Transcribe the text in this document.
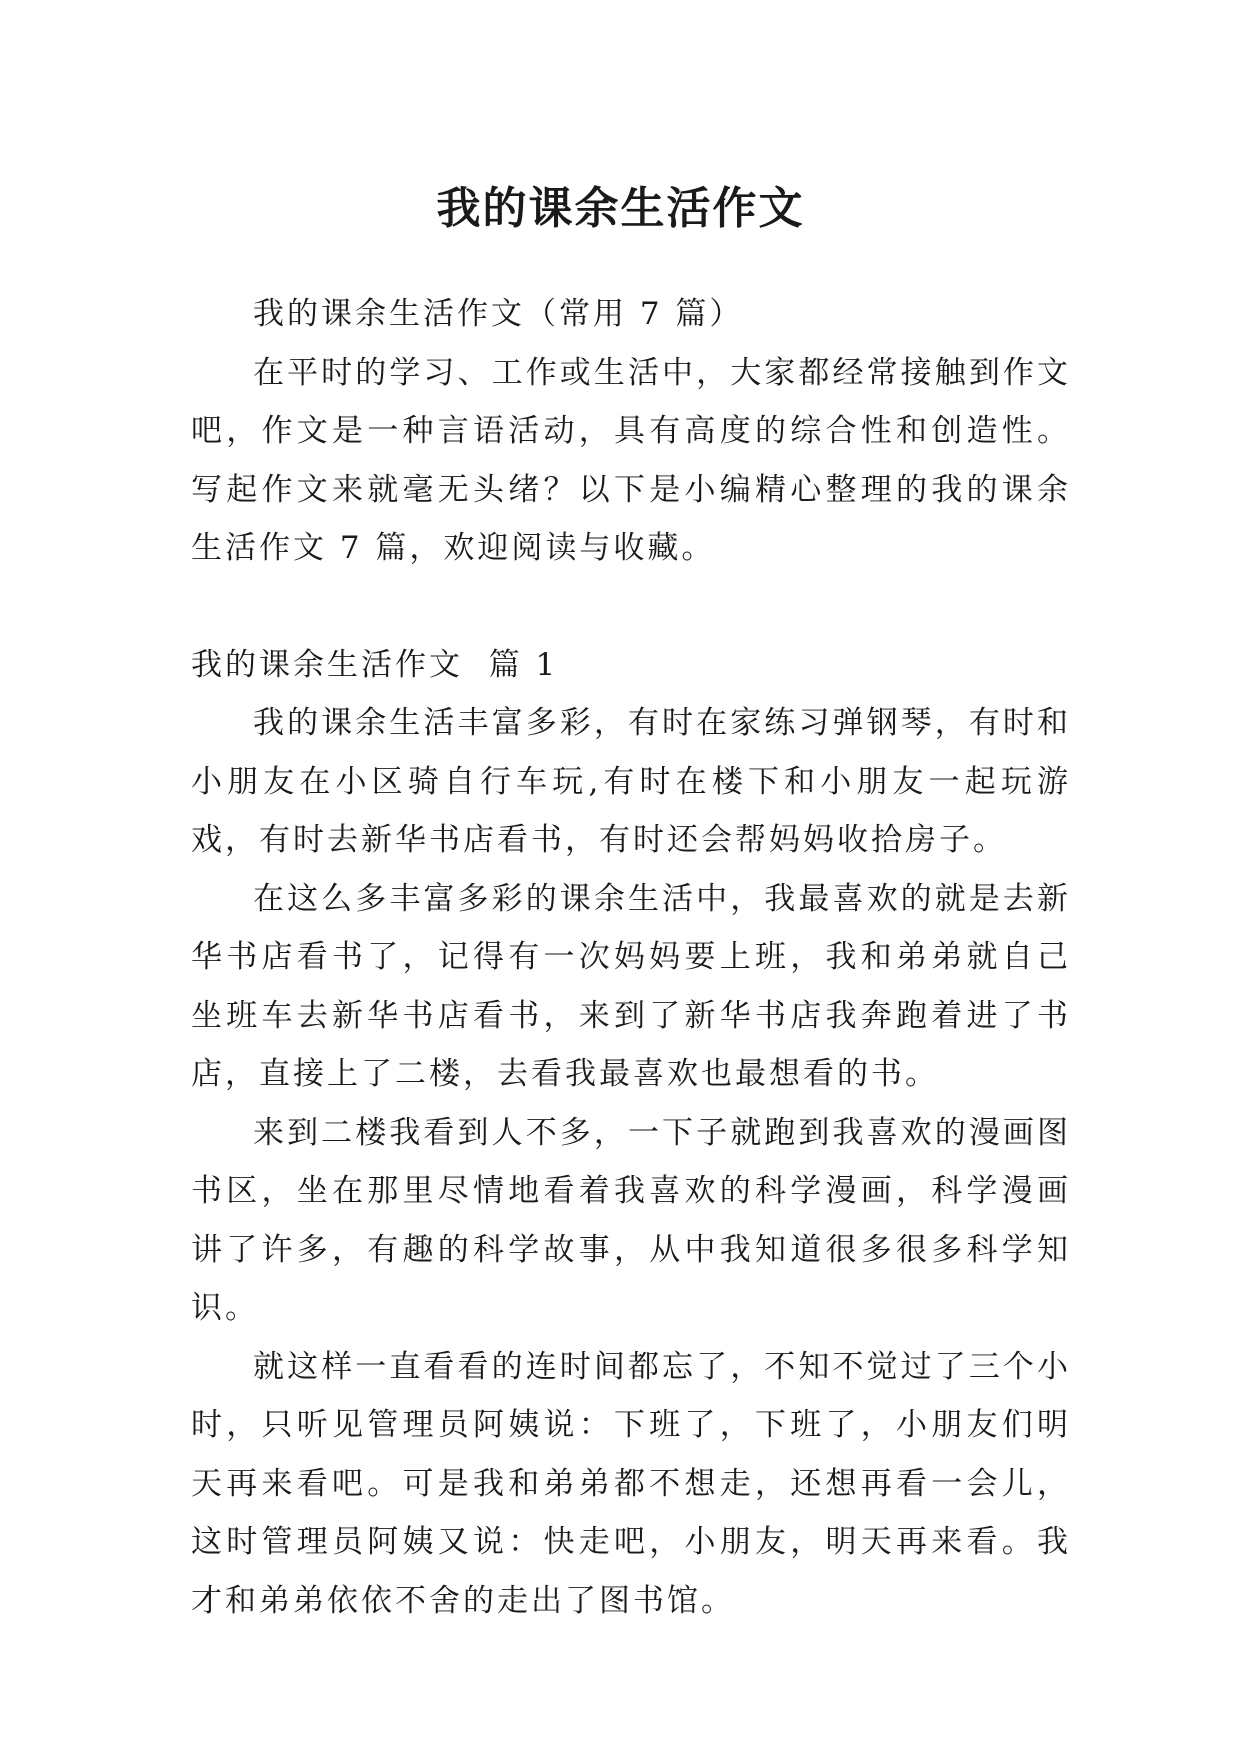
我的课余生活作文

我的课余生活作文（常用 7 篇）

在平时的学习、工作或生活中，大家都经常接触到作文吧，作文是一种言语活动，具有高度的综合性和创造性。写起作文来就毫无头绪？以下是小编精心整理的我的课余生活作文 7 篇，欢迎阅读与收藏。

我的课余生活作文  篇 1

我的课余生活丰富多彩，有时在家练习弹钢琴，有时和小朋友在小区骑自行车玩,有时在楼下和小朋友一起玩游戏，有时去新华书店看书，有时还会帮妈妈收拾房子。

在这么多丰富多彩的课余生活中，我最喜欢的就是去新华书店看书了，记得有一次妈妈要上班，我和弟弟就自己坐班车去新华书店看书，来到了新华书店我奔跑着进了书店，直接上了二楼，去看我最喜欢也最想看的书。

来到二楼我看到人不多，一下子就跑到我喜欢的漫画图书区，坐在那里尽情地看着我喜欢的科学漫画，科学漫画讲了许多，有趣的科学故事，从中我知道很多很多科学知识。

就这样一直看看的连时间都忘了，不知不觉过了三个小时，只听见管理员阿姨说：下班了，下班了，小朋友们明天再来看吧。可是我和弟弟都不想走，还想再看一会儿，这时管理员阿姨又说：快走吧，小朋友，明天再来看。我才和弟弟依依不舍的走出了图书馆。
